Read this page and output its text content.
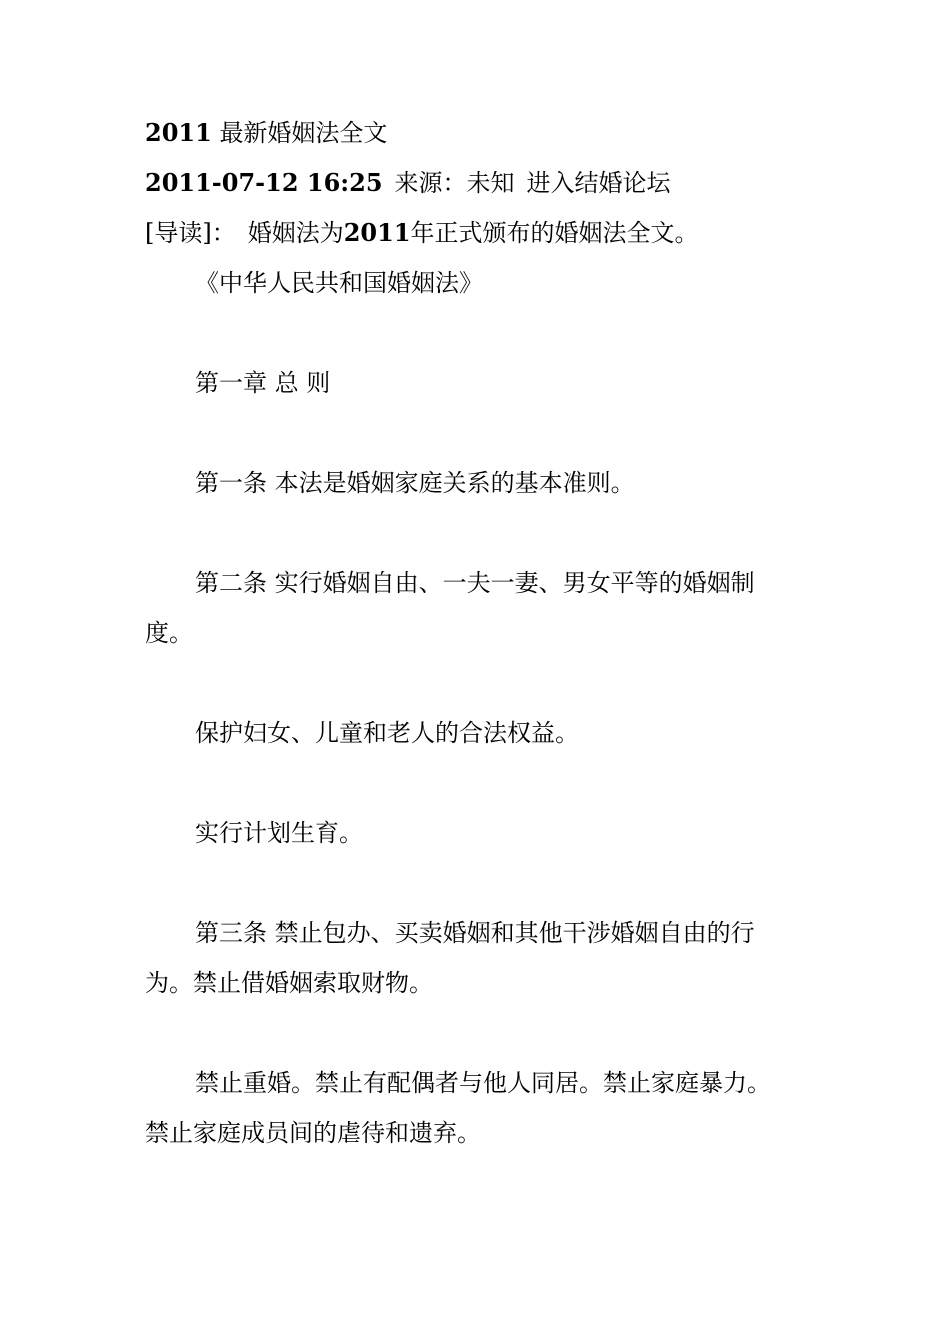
2011 最新婚姻法全文
2011-07-12 16:25 来源：未知 进入结婚论坛
[导读]： 婚姻法为2011年正式颁布的婚姻法全文。
《中华人民共和国婚姻法》
第一章 总 则
第一条 本法是婚姻家庭关系的基本准则。
第二条 实行婚姻自由、一夫一妻、男女平等的婚姻制
度。
保护妇女、儿童和老人的合法权益。
实行计划生育。
第三条 禁止包办、买卖婚姻和其他干涉婚姻自由的行
为。禁止借婚姻索取财物。
禁止重婚。禁止有配偶者与他人同居。禁止家庭暴力。
禁止家庭成员间的虐待和遗弃。
